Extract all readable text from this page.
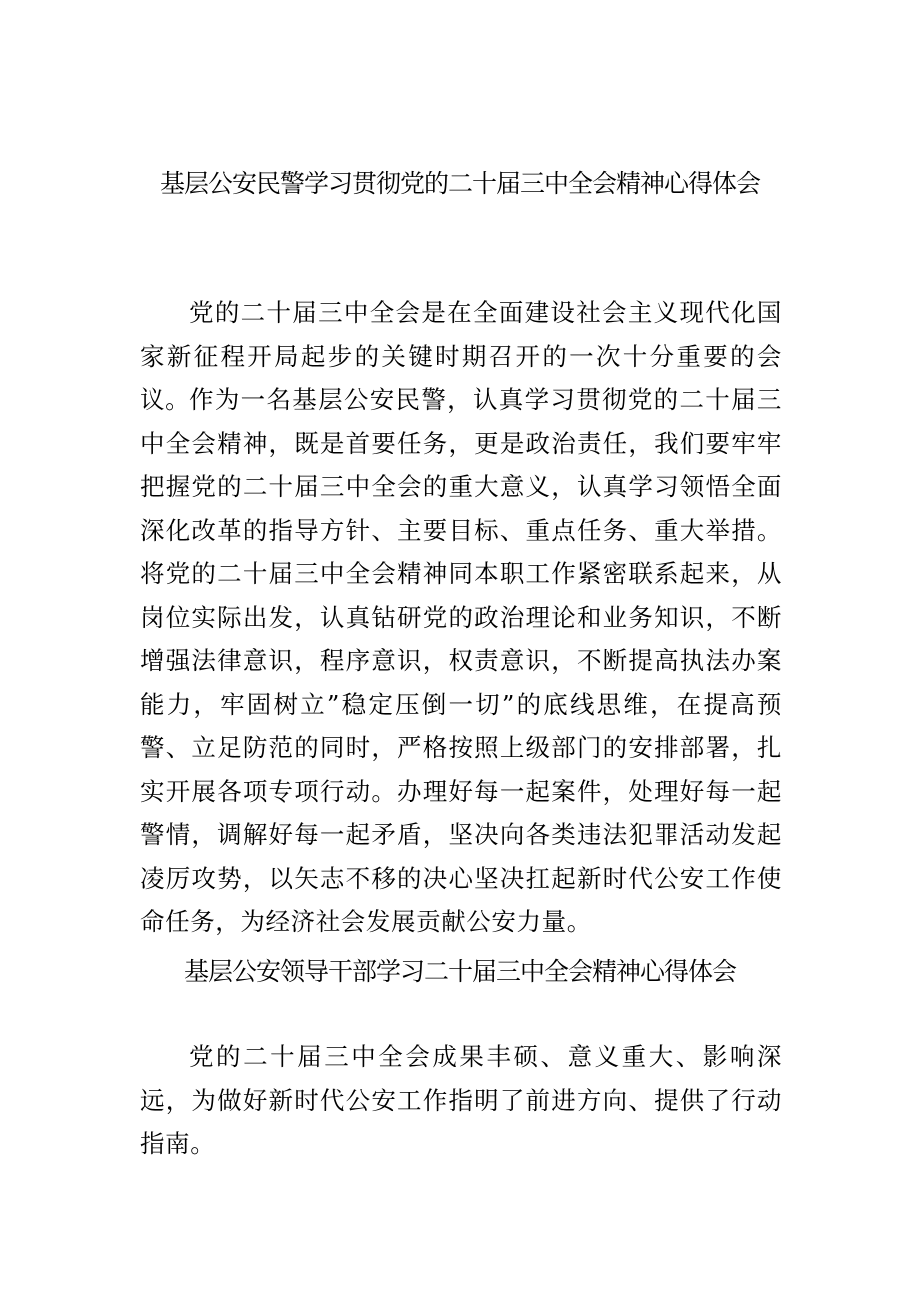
基层公安民警学习贯彻党的二十届三中全会精神心得体会

党的二十届三中全会是在全面建设社会主义现代化国家新征程开局起步的关键时期召开的一次十分重要的会议。

作为一名基层公安民警，认真学习贯彻党的二十届三中全会精神，既是首要任务，更是政治责任，我们要牢牢把握党的二十届三中全会的重大意义，认真学习领悟全面深化改革的指导方针、主要目标、重点任务、重大举措。将党的二十届三中全会精神同本职工作紧密联系起来，从岗位实际出发，认真钻研党的政治理论和业务知识，不断增强法律意识，程序意识，权责意识，不断提高执法办案能力，牢固树立”稳定压倒一切”的底线思维，在提高预警、立足防范的同时，严格按照上级部门的安排部署，扎实开展各项专项行动。办理好每一起案件，处理好每一起警情，调解好每一起矛盾，坚决向各类违法犯罪活动发起凌厉攻势，以矢志不移的决心坚决扛起新时代公安工作使命任务，为经济社会发展贡献公安力量。

基层公安领导干部学习二十届三中全会精神心得体会

党的二十届三中全会成果丰硕、意义重大、影响深远，为做好新时代公安工作指明了前进方向、提供了行动指南。
